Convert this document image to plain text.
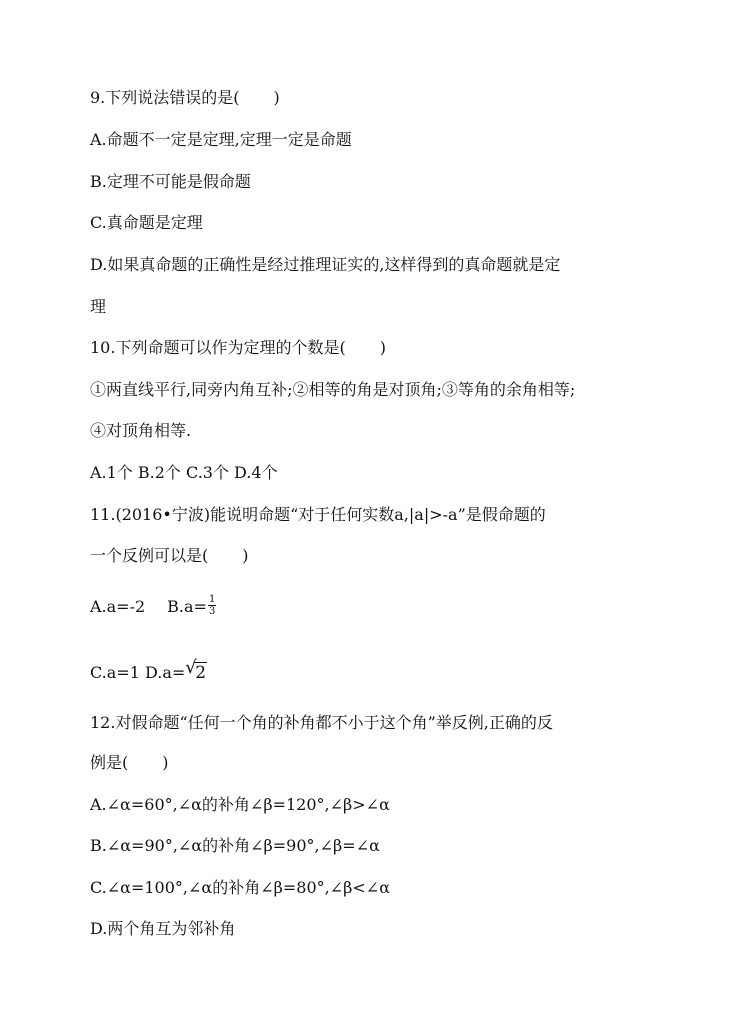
9.下列说法错误的是( )

A.命题不一定是定理,定理一定是命题

B.定理不可能是假命题

C.真命题是定理

D.如果真命题的正确性是经过推理证实的,这样得到的真命题就是定

理

10.下列命题可以作为定理的个数是( )

①两直线平行,同旁内角互补;②相等的角是对顶角;③等角的余角相等;

④对顶角相等.

A.1个 B.2个 C.3个 D.4个

11.(2016•宁波)能说明命题“对于任何实数a,|a|>-a”是假命题的

一个反例可以是( )

A.a=-2 $B.a= \frac{1}{3}$

C.a=1 D.a= √
2

12.对假命题“任何一个角的补角都不小于这个角”举反例,正确的反

例是( )

A.∠α=60°,∠α的补角∠β=120°,∠β>∠α

B.∠α=90°,∠α的补角∠β=90°,∠β=∠α

C.∠α=100°,∠α的补角∠β=80°,∠β<∠α

D.两个角互为邻补角
